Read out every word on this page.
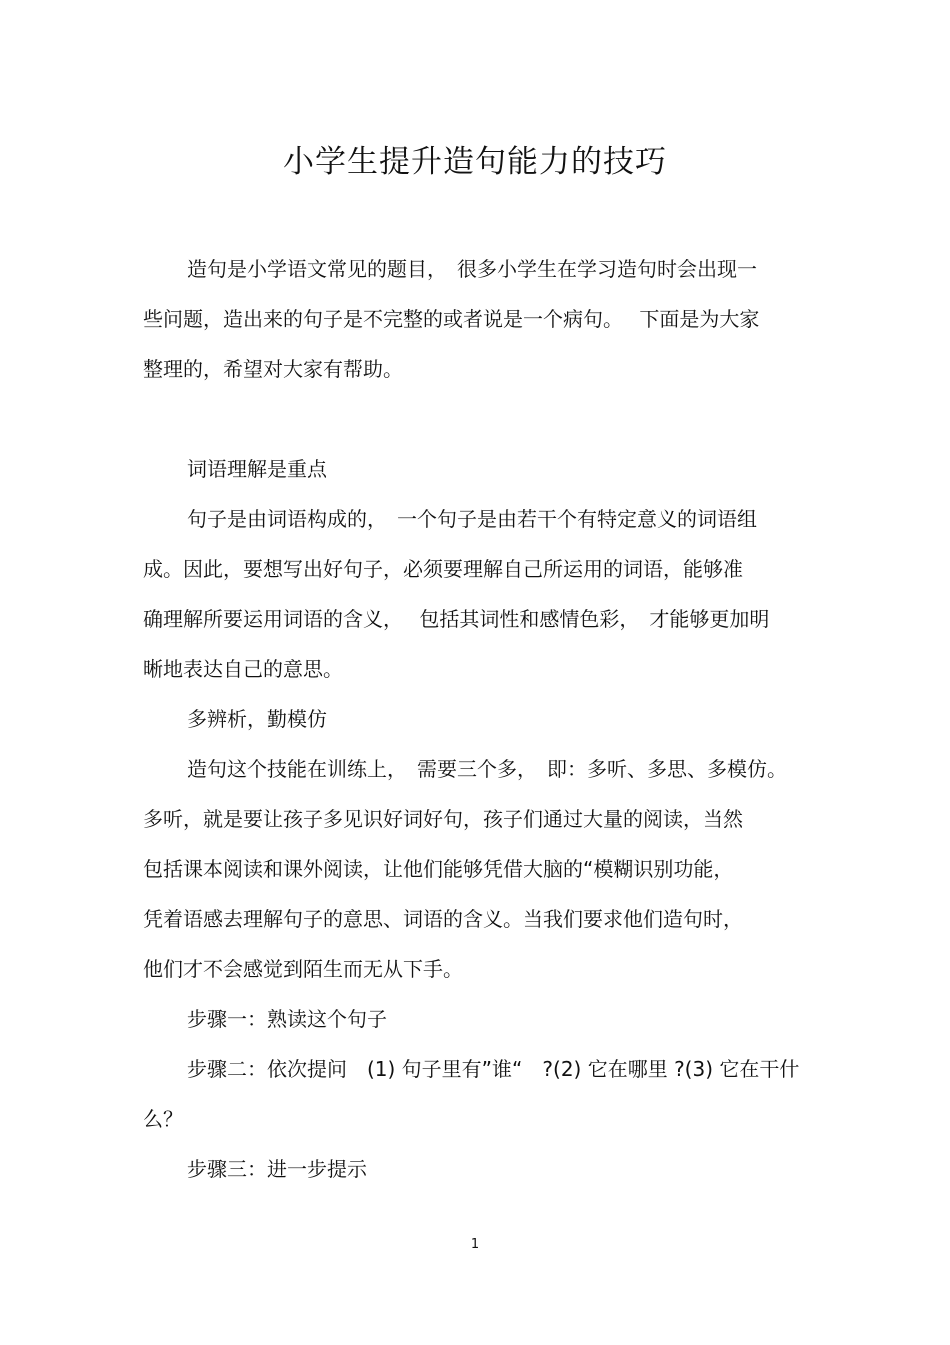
小学生提升造句能力的技巧
造句是小学语文常见的题目，　很多小学生在学习造句时会出现一
些问题，造出来的句子是不完整的或者说是一个病句。　 下面是为大家
整理的，希望对大家有帮助。
词语理解是重点
句子是由词语构成的，　一个句子是由若干个有特定意义的词语组
成。因此，要想写出好句子，必须要理解自己所运用的词语，能够准
确理解所要运用词语的含义，　 包括其词性和感情色彩，　才能够更加明
晰地表达自己的意思。
多辨析，勤模仿
造句这个技能在训练上，　需要三个多，　即：多听、多思、多模仿。
多听，就是要让孩子多见识好词好句，孩子们通过大量的阅读，当然
包括课本阅读和课外阅读，让他们能够凭借大脑的“模糊识别功能，
凭着语感去理解句子的意思、词语的含义。当我们要求他们造句时，
他们才不会感觉到陌生而无从下手。
步骤一：熟读这个句子
步骤二：依次提问　(1) 句子里有”谁“　?(2) 它在哪里 ?(3) 它在干什
么？
步骤三：进一步提示
1
